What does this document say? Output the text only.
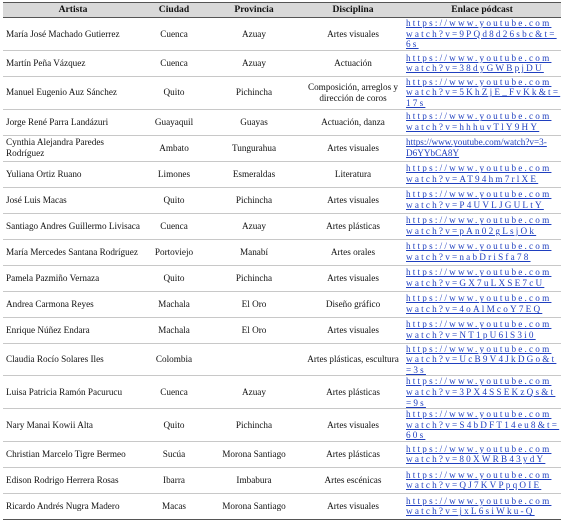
Artista	Ciudad	Provincia	Disciplina	Enlace pódcast
María José Machado Gutierrez	Cuenca	Azuay	Artes visuales	https://www.youtube.com
watch?v=9PQd8d26sbc&t=6s

Martín Peña Vázquez	Cuenca	Azuay	Actuación	https://www.youtube.com
watch?v=38dyGWBpjDU

Manuel Eugenio Auz Sánchez	Quito	Pichincha	Composición, arreglos y dirección de coros	https://www.youtube.com
watch?v=5KhZjE_FvKk&t=17s

Jorge René Parra Landázuri	Guayaquil	Guayas	Actuación, danza	https://www.youtube.com
watch?v=hhhuvTlY9HY

Cynthia Alejandra Paredes Rodríguez	Ambato	Tungurahua	Artes visuales	https://www.youtube.com/watch?v=3-
D6YYbCA8Y

Yuliana Ortiz Ruano	Limones	Esmeraldas	Literatura	https://www.youtube.com
watch?v=AT94hm7rlXE

José Luis Macas	Quito	Pichincha	Artes visuales	https://www.youtube.com
watch?v=P4UVLJGULtY

Santiago Andres Guillermo Livisaca	Cuenca	Azuay	Artes plásticas	https://www.youtube.com
watch?v=pAn02gLsjOk

María Mercedes Santana Rodríguez	Portoviejo	Manabí	Artes orales	https://www.youtube.com
watch?v=nabDriSfa78

Pamela Pazmiño Vernaza	Quito	Pichincha	Artes visuales	https://www.youtube.com
watch?v=GX7uLXSE7cU

Andrea Carmona Reyes	Machala	El Oro	Diseño gráfico	https://www.youtube.com
watch?v=4oAlMcoY7EQ

Enrique Núñez Endara	Machala	El Oro	Artes visuales	https://www.youtube.com
watch?v=NT1pU6lS3i0

Claudia Rocío Solares Iles	Colombia		Artes plásticas, escultura	https://www.youtube.com
watch?v=UcB9V4JkDGo&t=3s

Luisa Patricia Ramón Pacurucu	Cuenca	Azuay	Artes plásticas	https://www.youtube.com
watch?v=3PX4SSEKzQs&t=9s

Nary Manai Kowii Alta	Quito	Pichincha	Artes visuales	https://www.youtube.com
watch?v=S4bDFT14eu8&t=60s

Christian Marcelo Tigre Bermeo	Sucúa	Morona Santiago	Artes plásticas	https://www.youtube.com
watch?v=80XWRB43ydY

Edison Rodrigo Herrera Rosas	Ibarra	Imbabura	Artes escénicas	https://www.youtube.com
watch?v=QJ7KVPpqOIE

Ricardo Andrés Nugra Madero	Macas	Morona Santiago	Artes visuales	https://www.youtube.com
watch?v=jxL6siWku-Q
